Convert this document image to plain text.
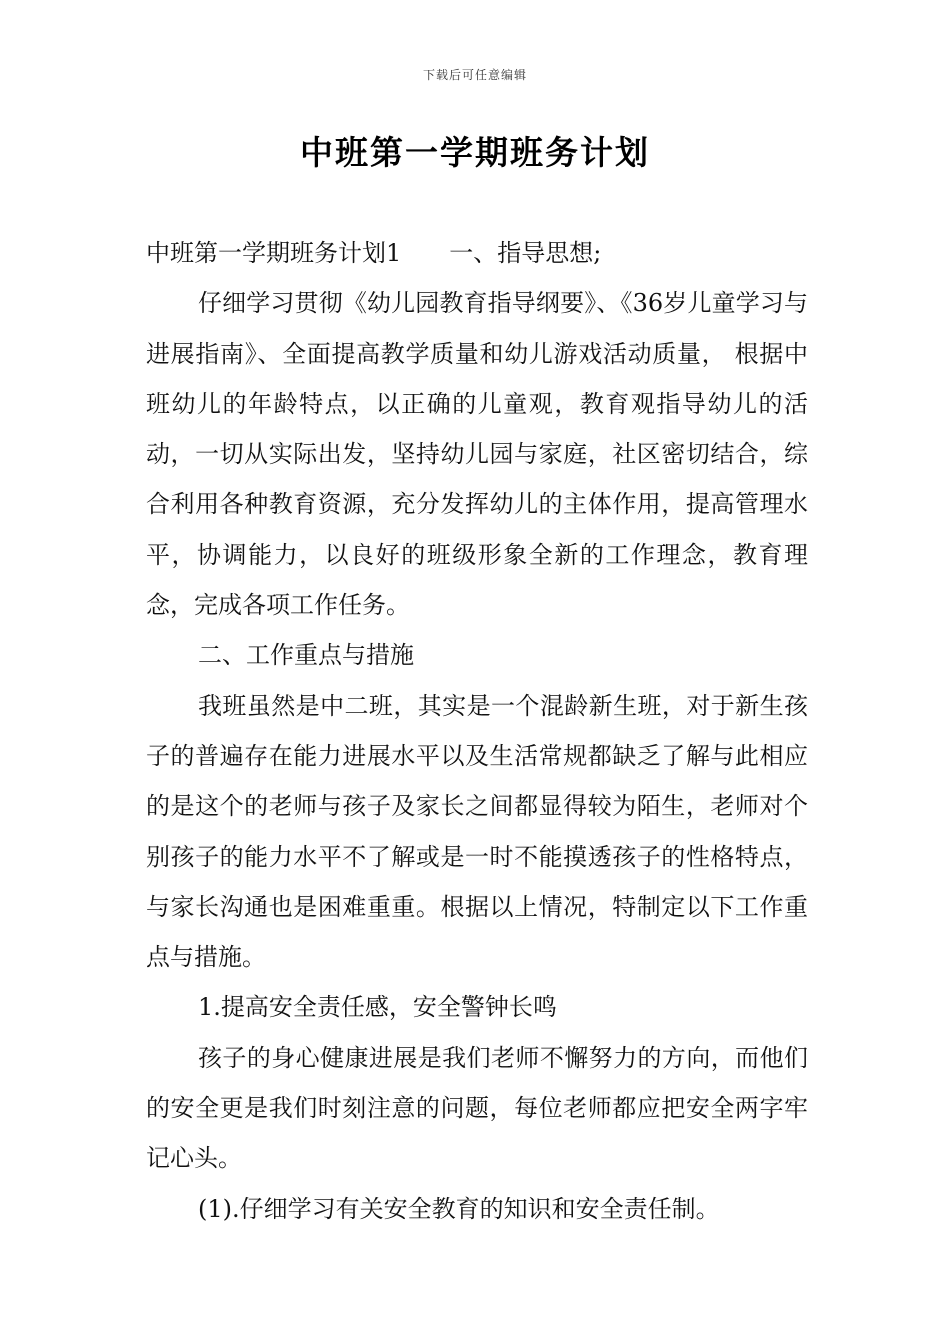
下载后可任意编辑
中班第一学期班务计划

中班第一学期班务计划1 一、指导思想;

仔细学习贯彻《幼儿园教育指导纲要》、《36岁儿童学习与进展指南》、全面提高教学质量和幼儿游戏活动质量， 根据中班幼儿的年龄特点，以正确的儿童观，教育观指导幼儿的活动，一切从实际出发，坚持幼儿园与家庭，社区密切结合，综合利用各种教育资源，充分发挥幼儿的主体作用，提高管理水平，协调能力，以良好的班级形象全新的工作理念，教育理念，完成各项工作任务。

二、工作重点与措施

我班虽然是中二班，其实是一个混龄新生班，对于新生孩子的普遍存在能力进展水平以及生活常规都缺乏了解与此相应的是这个的老师与孩子及家长之间都显得较为陌生，老师对个别孩子的能力水平不了解或是一时不能摸透孩子的性格特点，与家长沟通也是困难重重。根据以上情况，特制定以下工作重点与措施。

1.提高安全责任感，安全警钟长鸣

孩子的身心健康进展是我们老师不懈努力的方向，而他们的安全更是我们时刻注意的问题，每位老师都应把安全两字牢记心头。

(1).仔细学习有关安全教育的知识和安全责任制。
